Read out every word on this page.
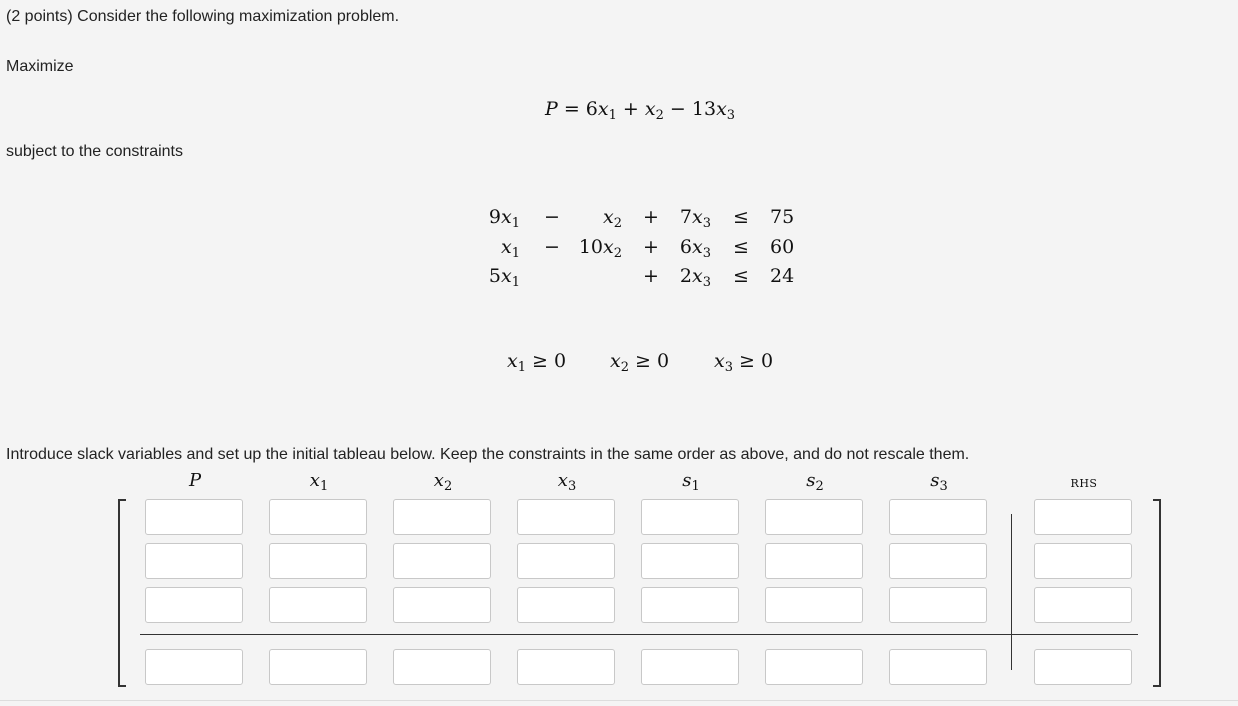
(2 points) Consider the following maximization problem.
Maximize
$P = 6x_1 + x_2 - 13x_3$
subject to the constraints
$9x_1 - x_2 + 7x_3 \le 75$
$x_1 - 10x_2 + 6x_3 \le 60$
$5x_1$	+ $2x_3 \le 24$
$x_1 \ge 0$ $x_2 \ge 0$ $x_3 \ge 0$
Introduce slack variables and set up the initial tableau below. Keep the constraints in the same order as above, and do not rescale them.
P	$x_1$	$x_2$	$x_3$	$s_1$	$s_2$	$s_3$	RHS
